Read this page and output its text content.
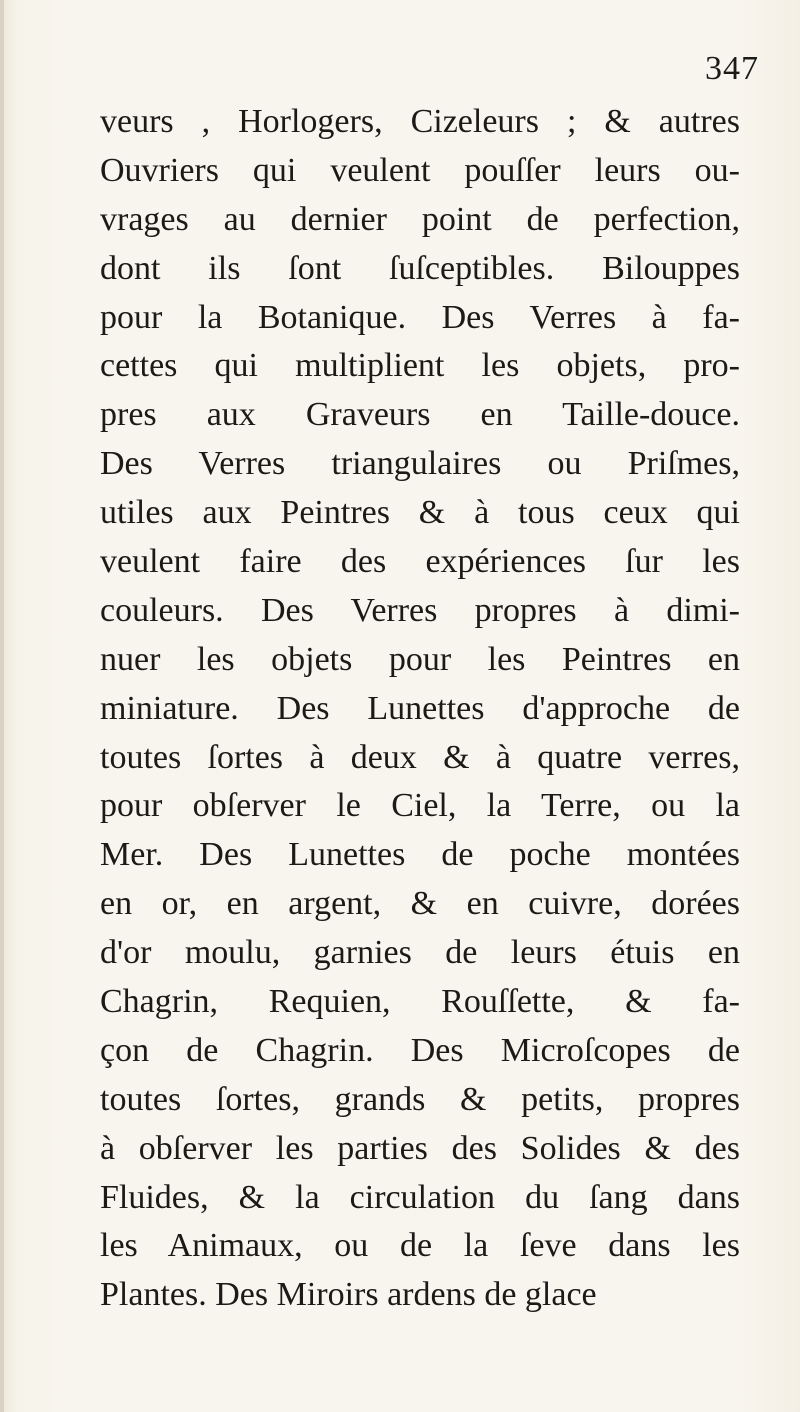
347
veurs , Horlogers, Cizeleurs ; & autres
Ouvriers qui veulent pouſſer leurs ou-
vrages au dernier point de perfection,
dont ils ſont ſuſceptibles. Bilouppes
pour la Botanique. Des Verres à fa-
cettes qui multiplient les objets, pro-
pres aux Graveurs en Taille-douce.
Des Verres triangulaires ou Priſmes,
utiles aux Peintres & à tous ceux qui
veulent faire des expériences ſur les
couleurs. Des Verres propres à dimi-
nuer les objets pour les Peintres en
miniature. Des Lunettes d'approche de
toutes ſortes à deux & à quatre verres,
pour obſerver le Ciel, la Terre, ou la
Mer. Des Lunettes de poche montées
en or, en argent, & en cuivre, dorées
d'or moulu, garnies de leurs étuis en
Chagrin, Requien, Rouſſette, & fa-
çon de Chagrin. Des Microſcopes de
toutes ſortes, grands & petits, propres
à obſerver les parties des Solides & des
Fluides, & la circulation du ſang dans
les Animaux, ou de la ſeve dans les
Plantes. Des Miroirs ardens de glace
